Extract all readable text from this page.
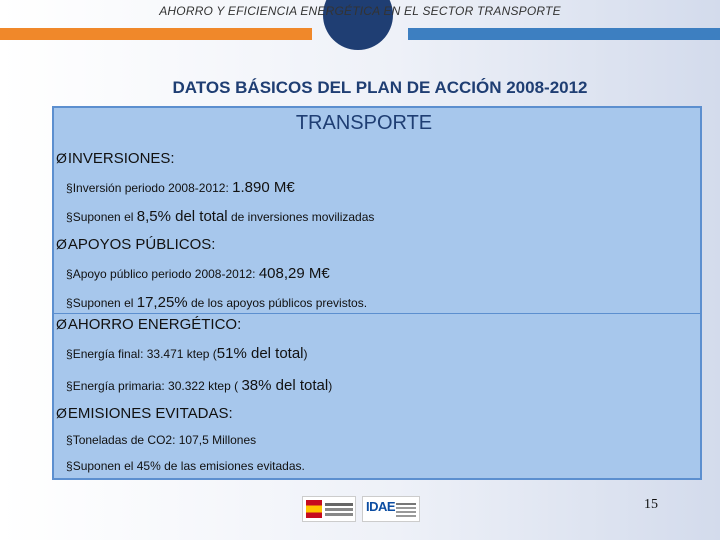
AHORRO Y EFICIENCIA ENERGÉTICA EN EL SECTOR TRANSPORTE
DATOS BÁSICOS DEL PLAN DE ACCIÓN 2008-2012
TRANSPORTE
ØINVERSIONES:
§Inversión periodo 2008-2012: 1.890 M€
§Suponen el 8,5% del total de inversiones movilizadas
ØAPOYOS PÚBLICOS:
§Apoyo público periodo 2008-2012: 408,29 M€
§Suponen el 17,25% de los apoyos públicos previstos.
ØAHORRO ENERGÉTICO:
§Energía final: 33.471 ktep (51% del total)
§Energía primaria: 30.322 ktep ( 38% del total)
ØEMISIONES EVITADAS:
§Toneladas de CO2: 107,5 Millones
§Suponen el 45% de las emisiones evitadas.
IDAE	15
